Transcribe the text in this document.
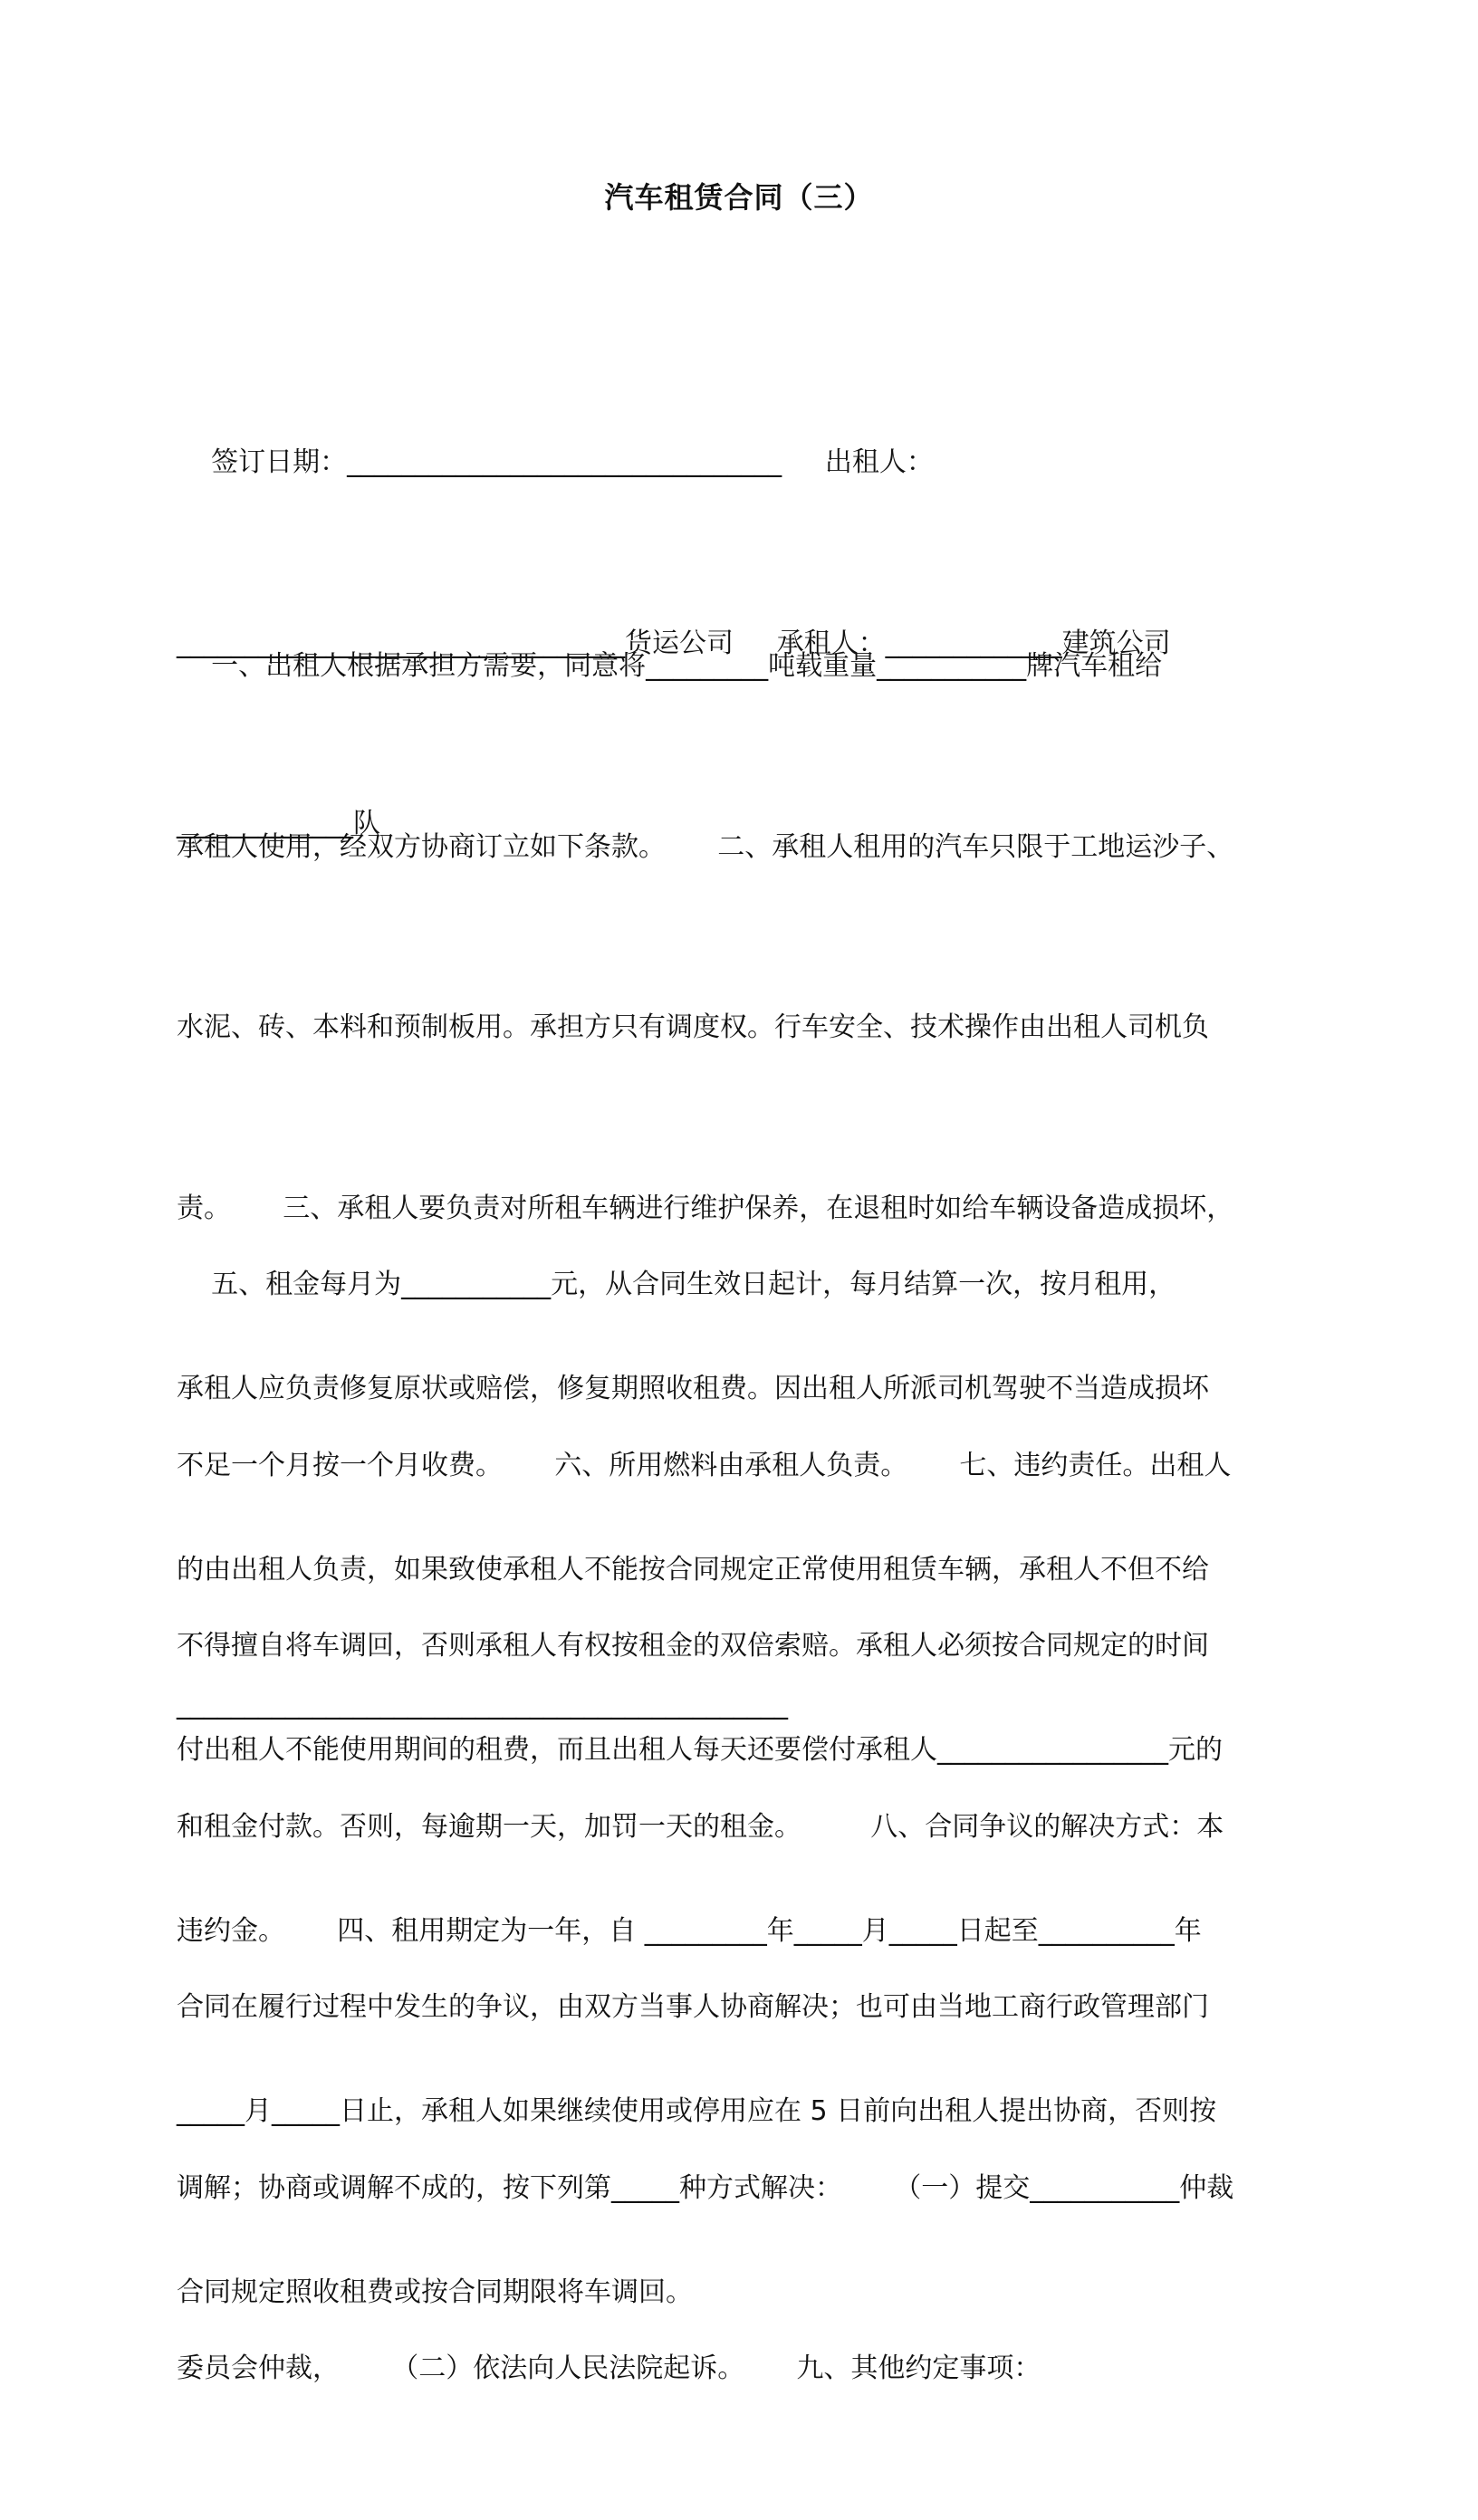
汽车租赁合同（三）

签订日期：________________________________     出租人：

_________________________________货运公司     承租人：_____________建筑公司

_____________队

一、出租人根据承担方需要，同意将_________吨载重量___________牌汽车租给

承租人使用，经双方协商订立如下条款。      二、承租人租用的汽车只限于工地运沙子、

水泥、砖、本料和预制板用。承担方只有调度权。行车安全、技术操作由出租人司机负

责。      三、承租人要负责对所租车辆进行维护保养，在退租时如给车辆设备造成损坏，

承租人应负责修复原状或赔偿，修复期照收租费。因出租人所派司机驾驶不当造成损坏

的由出租人负责，如果致使承租人不能按合同规定正常使用租赁车辆，承租人不但不给

付出租人不能使用期间的租费，而且出租人每天还要偿付承租人_________________元的

违约金。      四、租用期定为一年，自 _________年_____月_____日起至__________年

_____月_____日止，承租人如果继续使用或停用应在 5 日前向出租人提出协商，否则按

合同规定照收租费或按合同期限将车调回。

五、租金每月为___________元，从合同生效日起计，每月结算一次，按月租用，

不足一个月按一个月收费。      六、所用燃料由承租人负责。      七、违约责任。出租人

不得擅自将车调回，否则承租人有权按租金的双倍索赔。承租人必须按合同规定的时间

和租金付款。否则，每逾期一天，加罚一天的租金。        八、合同争议的解决方式：本

合同在履行过程中发生的争议，由双方当事人协商解决；也可由当地工商行政管理部门

调解；协商或调解不成的，按下列第_____种方式解决：      （一）提交___________仲裁

委员会仲裁，      （二）依法向人民法院起诉。      九、其他约定事项：

_____________________________________________
